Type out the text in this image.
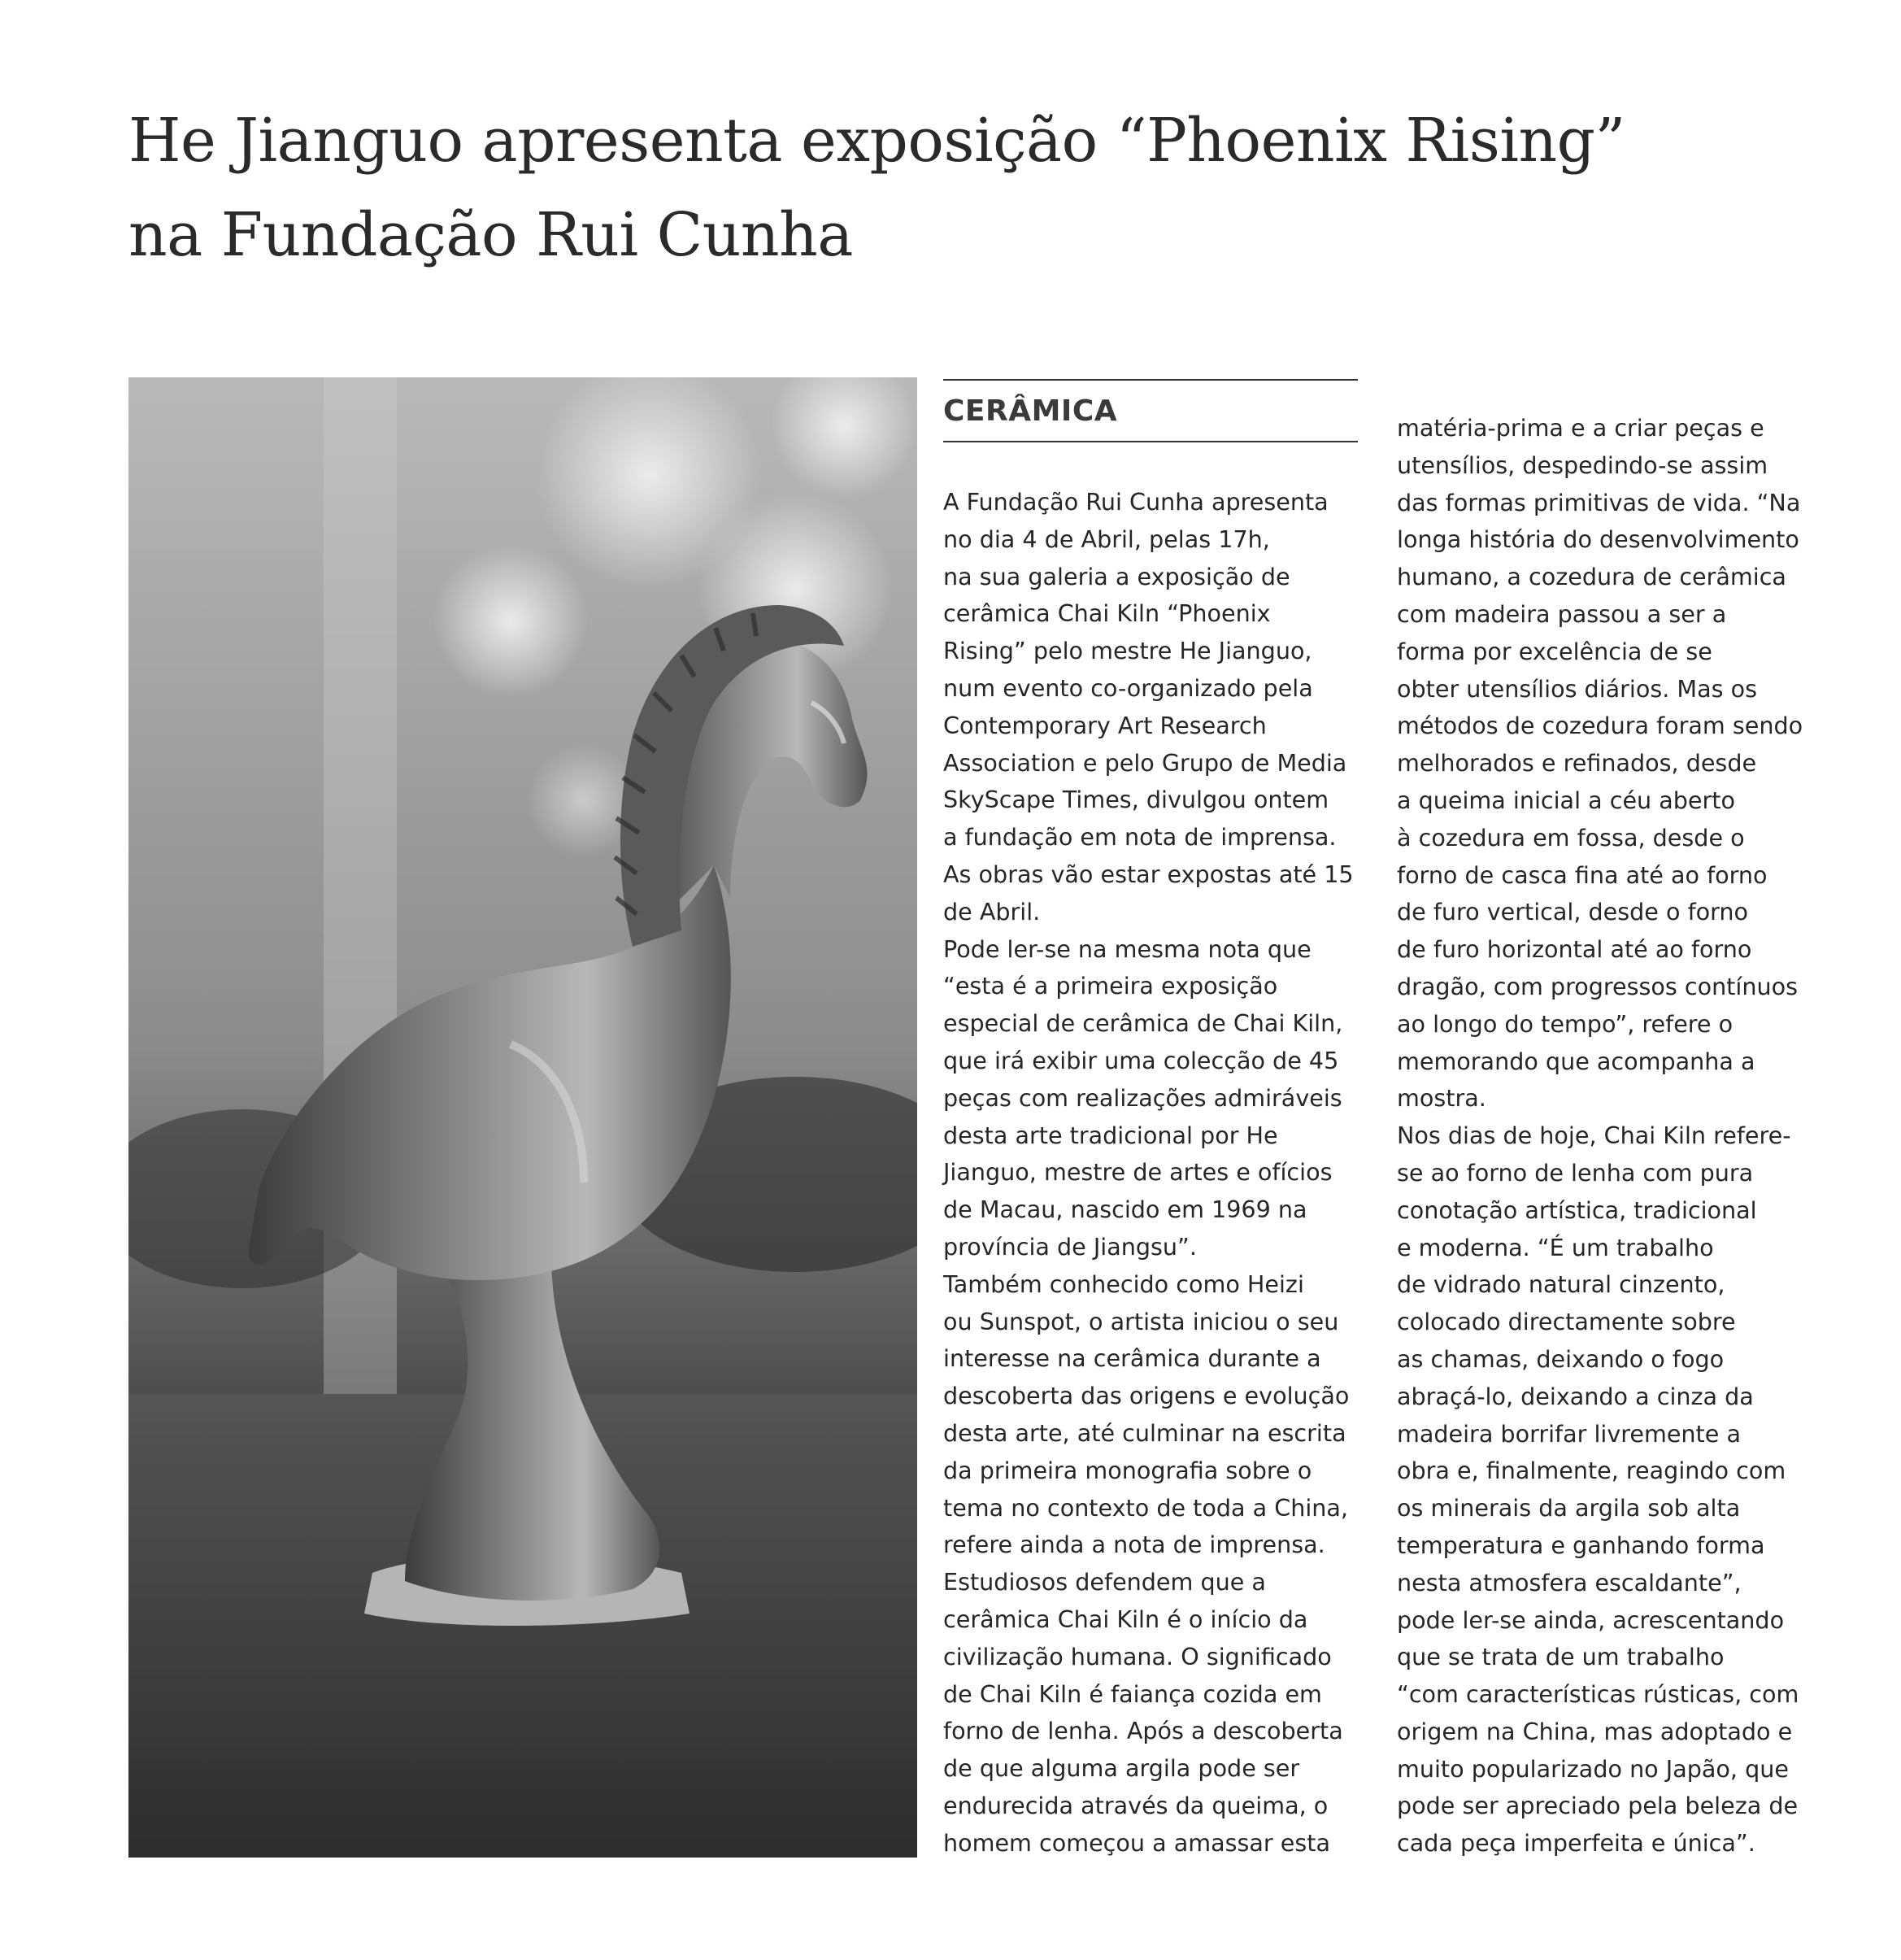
He Jianguo apresenta exposição “Phoenix Rising”
na Fundação Rui Cunha
CERÂMICA
A Fundação Rui Cunha apresenta
no dia 4 de Abril, pelas 17h,
na sua galeria a exposição de
cerâmica Chai Kiln “Phoenix
Rising” pelo mestre He Jianguo,
num evento co-organizado pela
Contemporary Art Research
Association e pelo Grupo de Media
SkyScape Times, divulgou ontem
a fundação em nota de imprensa.
As obras vão estar expostas até 15
de Abril.
Pode ler-se na mesma nota que
“esta é a primeira exposição
especial de cerâmica de Chai Kiln,
que irá exibir uma colecção de 45
peças com realizações admiráveis
desta arte tradicional por He
Jianguo, mestre de artes e ofícios
de Macau, nascido em 1969 na
província de Jiangsu”.
Também conhecido como Heizi
ou Sunspot, o artista iniciou o seu
interesse na cerâmica durante a
descoberta das origens e evolução
desta arte, até culminar na escrita
da primeira monografia sobre o
tema no contexto de toda a China,
refere ainda a nota de imprensa.
Estudiosos defendem que a
cerâmica Chai Kiln é o início da
civilização humana. O significado
de Chai Kiln é faiança cozida em
forno de lenha. Após a descoberta
de que alguma argila pode ser
endurecida através da queima, o
homem começou a amassar esta
matéria-prima e a criar peças e
utensílios, despedindo-se assim
das formas primitivas de vida. “Na
longa história do desenvolvimento
humano, a cozedura de cerâmica
com madeira passou a ser a
forma por excelência de se
obter utensílios diários. Mas os
métodos de cozedura foram sendo
melhorados e refinados, desde
a queima inicial a céu aberto
à cozedura em fossa, desde o
forno de casca fina até ao forno
de furo vertical, desde o forno
de furo horizontal até ao forno
dragão, com progressos contínuos
ao longo do tempo”, refere o
memorando que acompanha a
mostra.
Nos dias de hoje, Chai Kiln refere-
se ao forno de lenha com pura
conotação artística, tradicional
e moderna. “É um trabalho
de vidrado natural cinzento,
colocado directamente sobre
as chamas, deixando o fogo
abraçá-lo, deixando a cinza da
madeira borrifar livremente a
obra e, finalmente, reagindo com
os minerais da argila sob alta
temperatura e ganhando forma
nesta atmosfera escaldante”,
pode ler-se ainda, acrescentando
que se trata de um trabalho
“com características rústicas, com
origem na China, mas adoptado e
muito popularizado no Japão, que
pode ser apreciado pela beleza de
cada peça imperfeita e única”.
